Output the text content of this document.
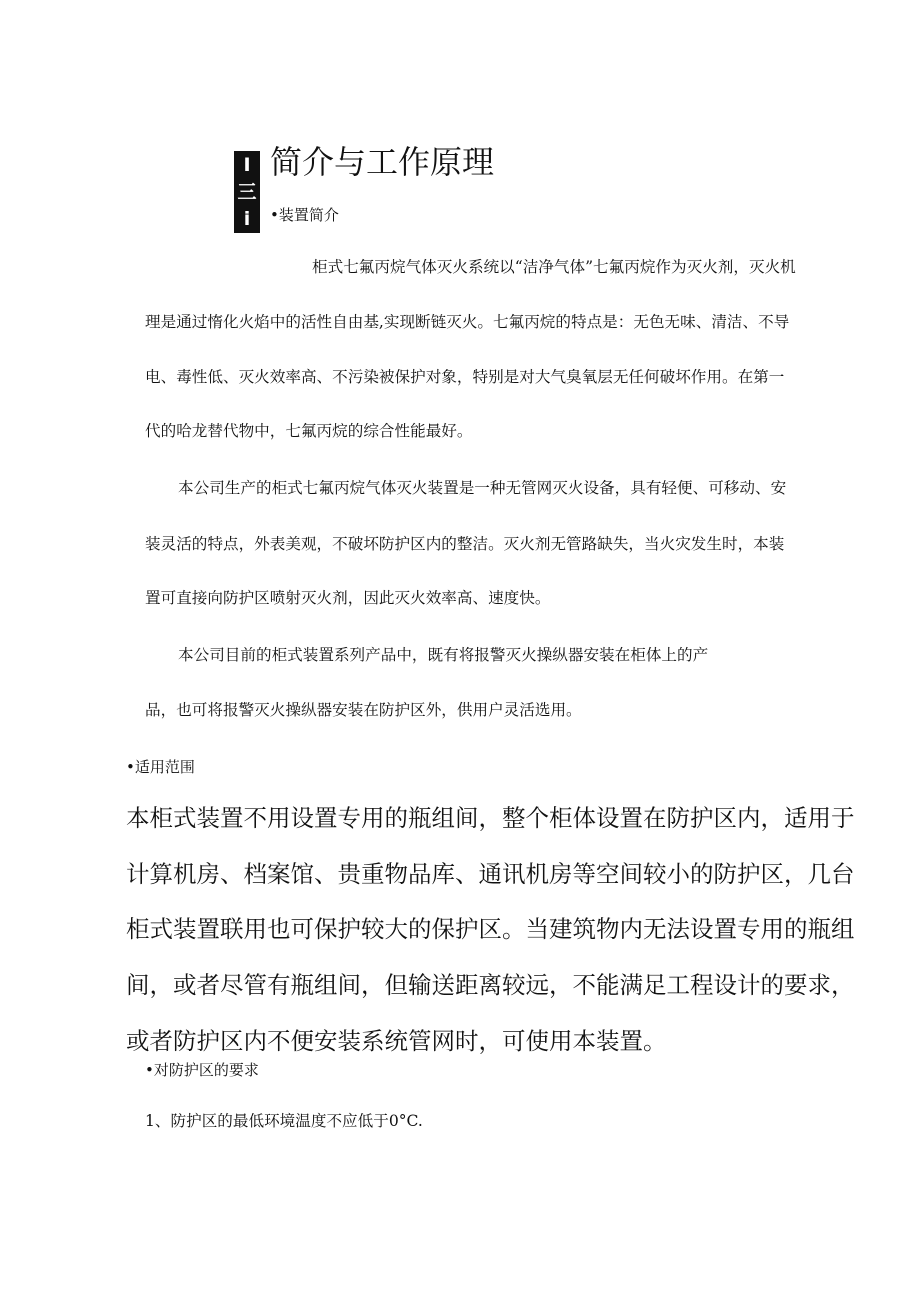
I
三
i
简介与工作原理
•装置简介
柜式七氟丙烷气体灭火系统以“洁净气体”七氟丙烷作为灭火剂，灭火机
理是通过惰化火焰中的活性自由基,实现断链灭火。七氟丙烷的特点是：无色无味、清洁、不导
电、毒性低、灭火效率高、不污染被保护对象，特别是对大气臭氧层无任何破坏作用。在第一
代的哈龙替代物中，七氟丙烷的综合性能最好。
本公司生产的柜式七氟丙烷气体灭火装置是一种无管网灭火设备，具有轻便、可移动、安
装灵活的特点，外表美观，不破坏防护区内的整洁。灭火剂无管路缺失，当火灾发生时，本装
置可直接向防护区喷射灭火剂，因此灭火效率高、速度快。
本公司目前的柜式装置系列产品中，既有将报警灭火操纵器安装在柜体上的产
品，也可将报警灭火操纵器安装在防护区外，供用户灵活选用。
•适用范围
本柜式装置不用设置专用的瓶组间，整个柜体设置在防护区内，适用于
计算机房、档案馆、贵重物品库、通讯机房等空间较小的防护区，几台
柜式装置联用也可保护较大的保护区。当建筑物内无法设置专用的瓶组
间，或者尽管有瓶组间，但输送距离较远，不能满足工程设计的要求，
或者防护区内不便安装系统管网时，可使用本装置。
•对防护区的要求
1、防护区的最低环境温度不应低于0°C.
